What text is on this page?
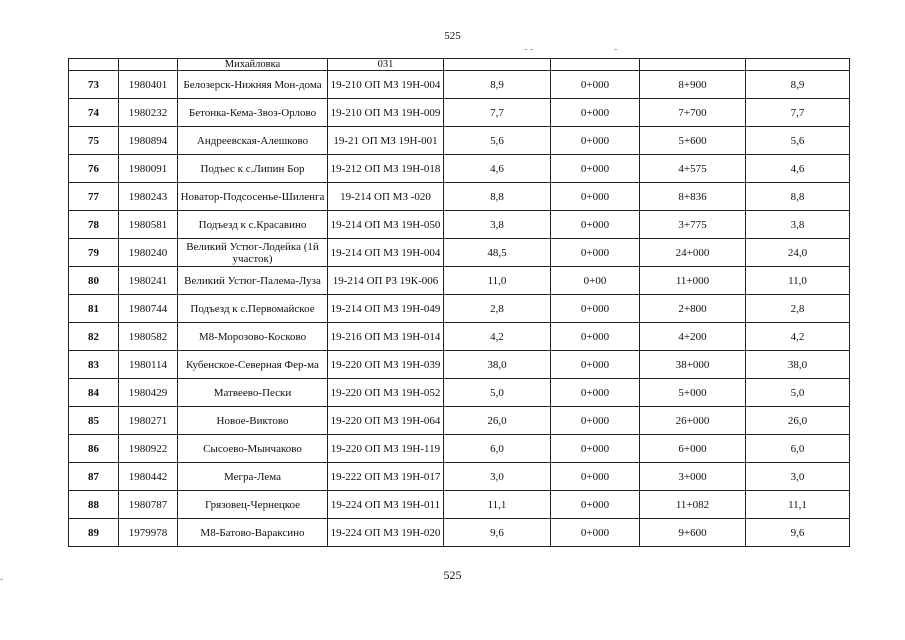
525
- -	-
-
		Михайловка	031				
73	1980401	Белозерск-Нижняя Мон-дома	19-210 ОП МЗ 19Н-004	8,9	0+000	8+900	8,9
74	1980232	Бетонка-Кема-Звоз-Орлово	19-210 ОП МЗ 19Н-009	7,7	0+000	7+700	7,7
75	1980894	Андреевская-Алешково	19-21 ОП МЗ 19Н-001	5,6	0+000	5+600	5,6
76	1980091	Подъес к с.Липин Бор	19-212 ОП МЗ 19Н-018	4,6	0+000	4+575	4,6
77	1980243	Новатор-Подсосенье-Шиленга	19-214 ОП МЗ -020	8,8	0+000	8+836	8,8
78	1980581	Подъезд к с.Красавино	19-214 ОП МЗ 19Н-050	3,8	0+000	3+775	3,8
79	1980240	Великий Устюг-Лодейка (1й участок)	19-214 ОП МЗ 19Н-004	48,5	0+000	24+000	24,0
80	1980241	Великий Устюг-Палема-Луза	19-214 ОП РЗ 19К-006	11,0	0+00	11+000	11,0
81	1980744	Подъезд к с.Первомайское	19-214 ОП МЗ 19Н-049	2,8	0+000	2+800	2,8
82	1980582	М8-Морозово-Косково	19-216 ОП МЗ 19Н-014	4,2	0+000	4+200	4,2
83	1980114	Кубенское-Северная Фер-ма	19-220 ОП МЗ 19Н-039	38,0	0+000	38+000	38,0
84	1980429	Матвеево-Пески	19-220 ОП МЗ 19Н-052	5,0	0+000	5+000	5,0
85	1980271	Новое-Виктово	19-220 ОП МЗ 19Н-064	26,0	0+000	26+000	26,0
86	1980922	Сысоево-Мынчаково	19-220 ОП МЗ 19Н-119	6,0	0+000	6+000	6,0
87	1980442	Мегра-Лема	19-222 ОП МЗ 19Н-017	3,0	0+000	3+000	3,0
88	1980787	Грязовец-Чернецкое	19-224 ОП МЗ 19Н-011	11,1	0+000	11+082	11,1
89	1979978	М8-Батово-Вараксино	19-224 ОП МЗ 19Н-020	9,6	0+000	9+600	9,6
525
